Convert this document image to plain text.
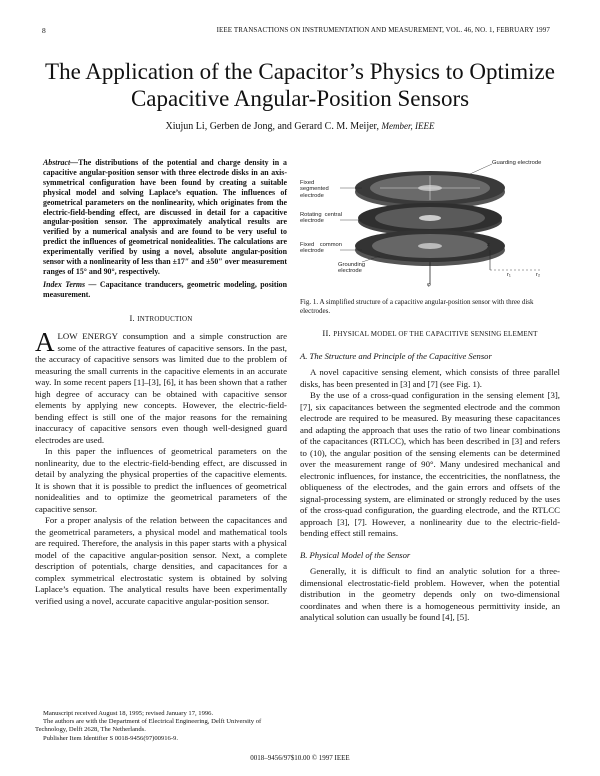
8	IEEE TRANSACTIONS ON INSTRUMENTATION AND MEASUREMENT, VOL. 46, NO. 1, FEBRUARY 1997
The Application of the Capacitor’s Physics to Optimize Capacitive Angular-Position Sensors
Xiujun Li, Gerben de Jong, and Gerard C. M. Meijer, Member, IEEE
Abstract—The distributions of the potential and charge density in a capacitive angular-position sensor with three electrode disks in an axis-symmetrical configuration have been found by creating a suitable physical model and solving Laplace’s equation. The influences of geometrical parameters on the nonlinearity, which originates from the electric-field-bending effect, are discussed in detail for a capacitive angular-position sensor. The approximately analytical results are verified by a numerical analysis and are found to be very useful to predict the influences of geometrical nonidealities. The calculations are experimentally verified by using a novel, absolute angular-position sensor with a nonlinearity of less than ±17″ and ±50″ over measurement ranges of 15° and 90°, respectively.
Index Terms — Capacitance tranducers, geometric modeling, position measurement.
I. INTRODUCTION

ALOW ENERGY consumption and a simple construction are some of the attractive features of capacitive sensors. In the past, the accuracy of capacitive sensors was limited due to the problem of measuring the small currents in the capacitive elements in an accurate way. In some recent papers [1]–[3], [6], it has been shown that a rather high degree of accuracy can be obtained with capacitive sensor elements by applying new concepts. However, the electric-field-bending effect is still one of the major reasons for the remaining inaccuracy of capacitive sensors even though well-designed guard electrodes are used.

In this paper the influences of geometrical parameters on the nonlinearity, due to the electric-field-bending effect, are discussed in detail by analyzing the physical properties of the capacitive elements. It is shown that it is possible to predict the influences of geometrical nonidealities and to optimize the geometrical parameters of the capacitive sensor.

For a proper analysis of the relation between the capacitances and the geometrical parameters, a physical model and mathematical tools are required. Therefore, the analysis in this paper starts with a physical model of the capacitive angular-position sensor. Next, a complete description of potentials, charge densities, and capacitances for a complex symmetrical electrostatic system is obtained by solving Laplace’s equation. The analytical results have been experimentally verified using a novel, accurate capacitive angular-position sensor.

Manuscript received August 18, 1995; revised January 17, 1996.

The authors are with the Department of Electrical Engineering, Delft University of Technology, Delft 2628, The Netherlands.

Publisher Item Identifier S 0018-9456(97)00916-9.

Guarding electrode
Fixed segmented electrode
Rotating central electrode
Fixed common electrode
Grounding electrode
z
r₁	r₂
φ
Fig. 1. A simplified structure of a capacitive angular-position sensor with three disk electrodes.
II. PHYSICAL MODEL OF THE CAPACITIVE SENSING ELEMENT
A. The Structure and Principle of the Capacitive Sensor

A novel capacitive sensing element, which consists of three parallel disks, has been presented in [3] and [7] (see Fig. 1).

By the use of a cross-quad configuration in the sensing element [3], [7], six capacitances between the segmented electrode and the common electrode are required to be measured. By measuring these capacitances and adapting the approach that uses the ratio of two linear combinations of the capacitances (RTLCC), which has been described in [3] and refers to (10), the angular position of the sensing elements can be determined over the measurement range of 90°. Many undesired mechanical and electronic influences, for instance, the eccentricities, the nonflatness, the obliqueness of the electrodes, and the gain errors and offsets of the signal-processing system, are eliminated or strongly reduced by the uses of the cross-quad configuration, the guarding electrode, and the RTLCC approach [3], [7]. However, a nonlinearity due to the electric-field-bending effect still remains.

B. Physical Model of the Sensor

Generally, it is difficult to find an analytic solution for a three-dimensional electrostatic-field problem. However, when the potential distribution in the geometry depends only on two-dimensional coordinates and when there is a homogeneous permittivity inside, an analytical solution can usually be found [4], [5].

0018–9456/97$10.00 © 1997 IEEE
